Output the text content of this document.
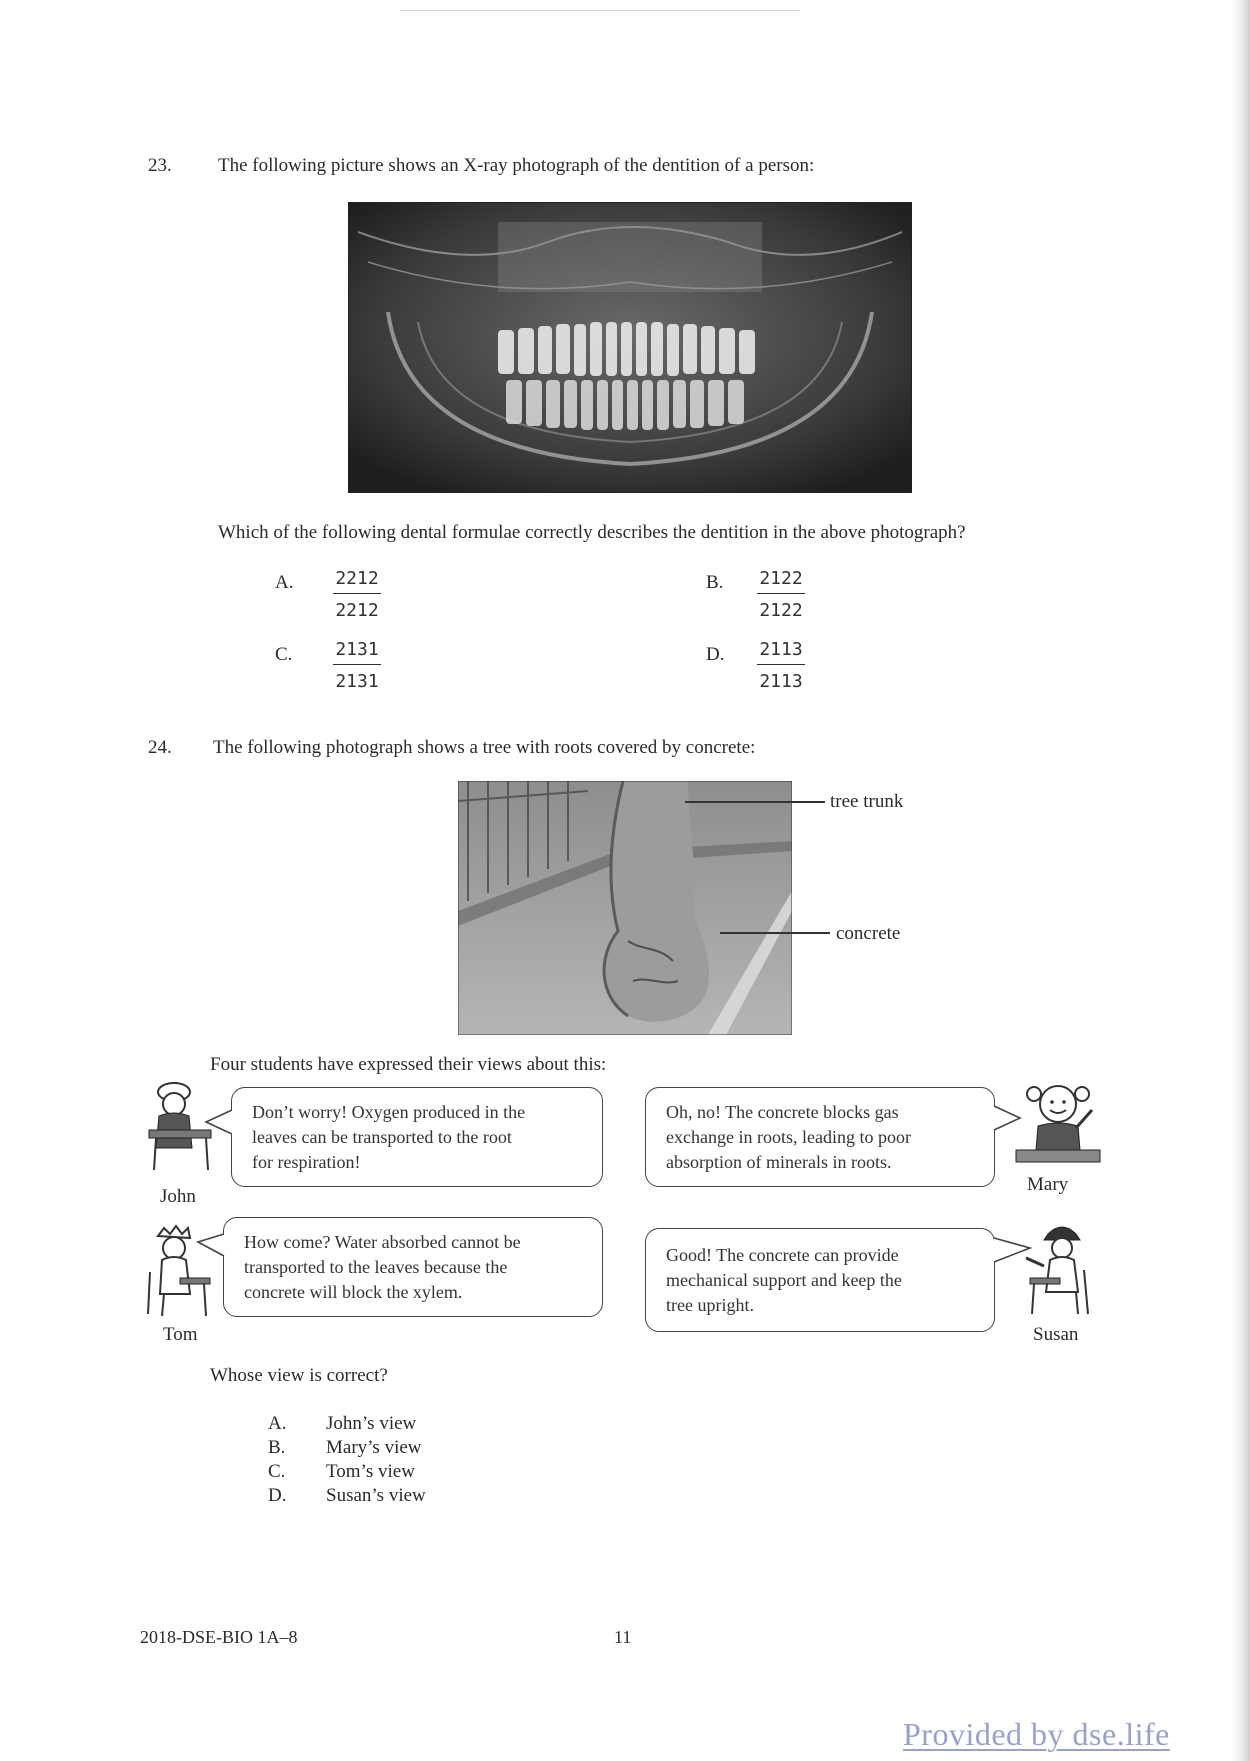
23. The following picture shows an X-ray photograph of the dentition of a person:
Which of the following dental formulae correctly describes the dentition in the above photograph?
A. $\frac{2212}{2212}$	B. $\frac{2122}{2122}$
C. $\frac{2131}{2131}$	D. $\frac{2113}{2113}$
24. The following photograph shows a tree with roots covered by concrete:
tree trunk
concrete
Four students have expressed their views about this:
John
Don’t worry! Oxygen produced in the
leaves can be transported to the root
for respiration!
Oh, no! The concrete blocks gas
exchange in roots, leading to poor
absorption of minerals in roots.
Mary
Tom
How come? Water absorbed cannot be
transported to the leaves because the
concrete will block the xylem.
Good! The concrete can provide
mechanical support and keep the
tree upright.
Susan
Whose view is correct?
A. John’s view
B. Mary’s view
C. Tom’s view
D. Susan’s view
2018-DSE-BIO 1A–8	11
Provided by dse.life
